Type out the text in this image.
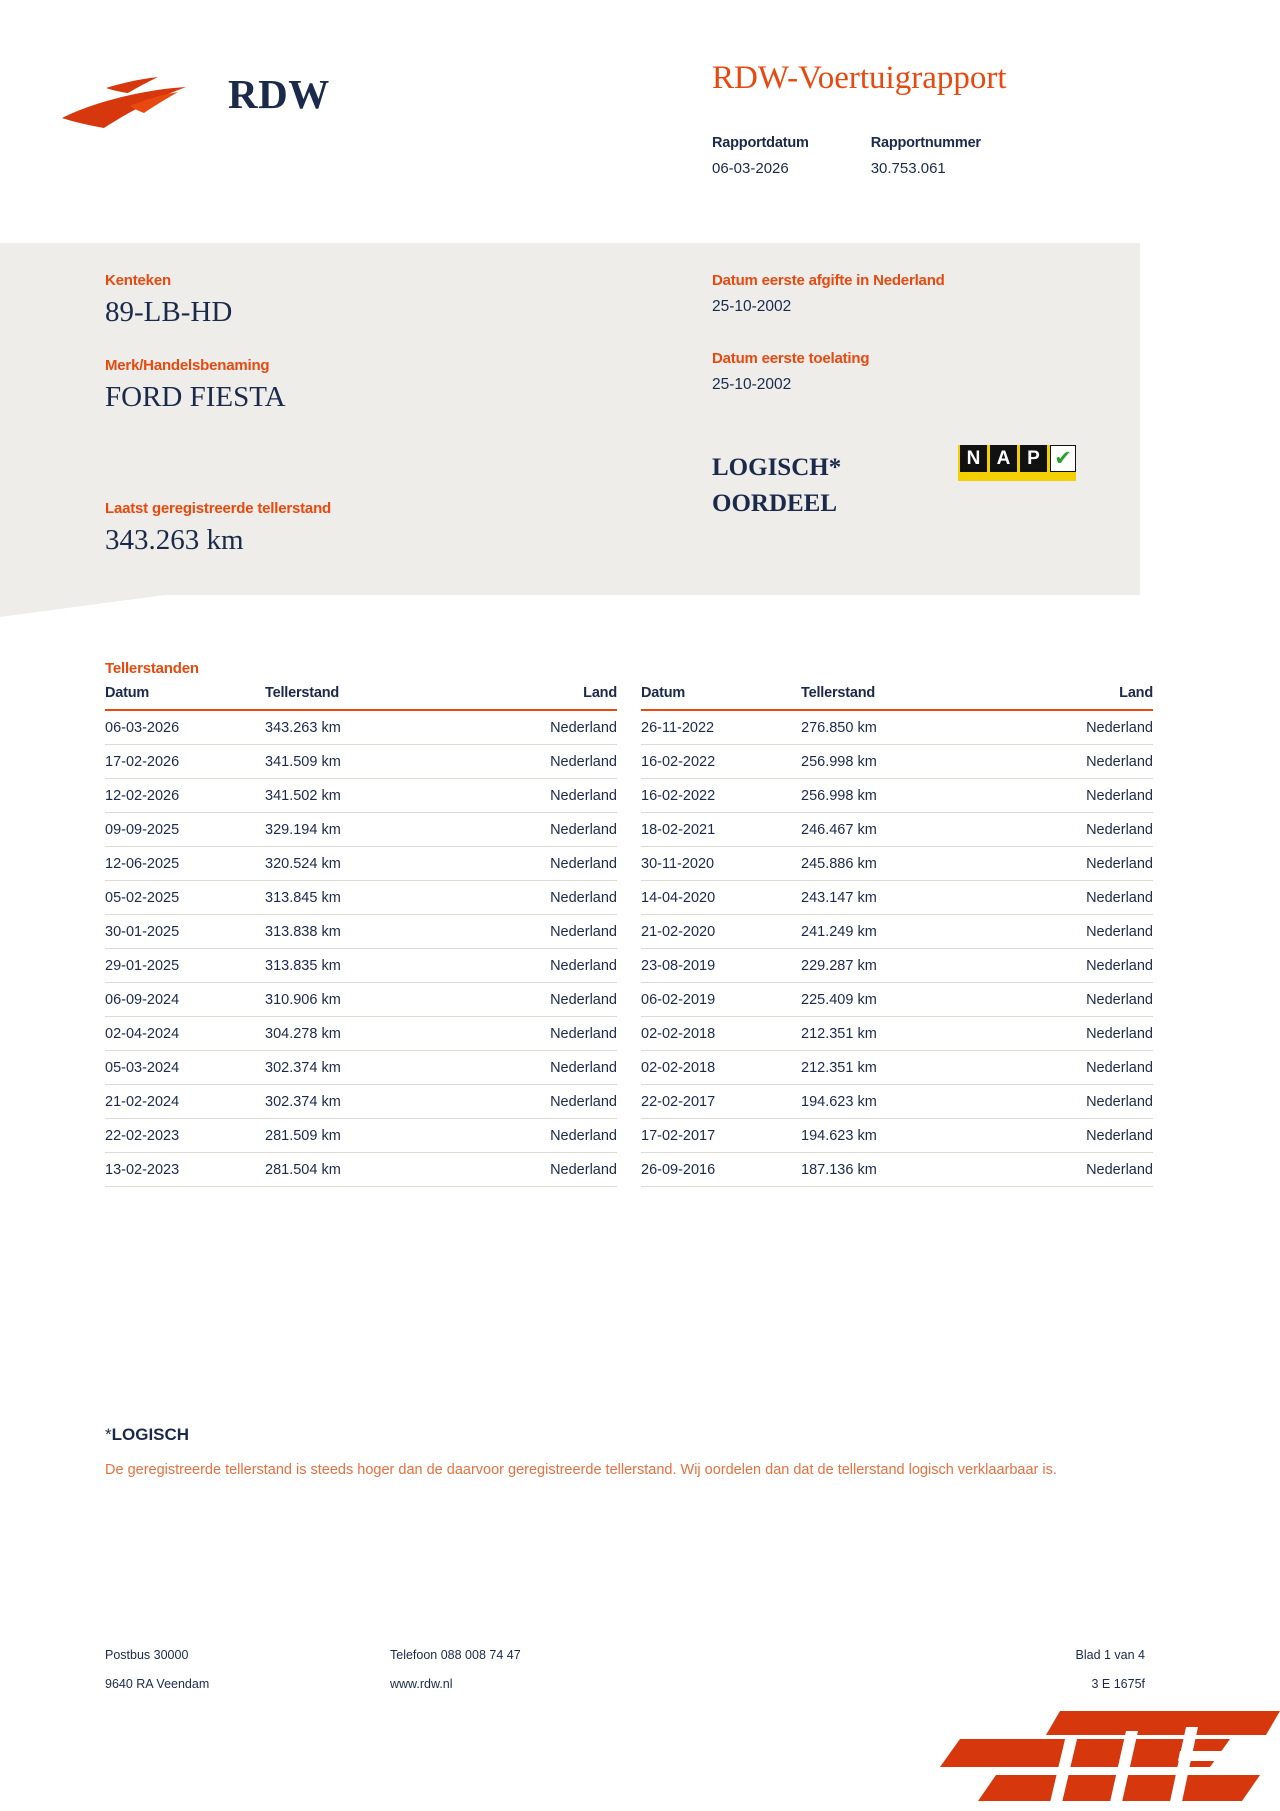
RDW	RDW-Voertuigrapport
Rapportdatum
06-03-2026
Rapportnummer
30.753.061
Kenteken
89-LB-HD
Merk/Handelsbenaming
FORD FIESTA
Laatst geregistreerde tellerstand
343.263 km
Datum eerste afgifte in Nederland
25-10-2002
Datum eerste toelating
25-10-2002
LOGISCH*
OORDEEL
N A P ✔
Tellerstanden
Datum	Tellerstand	Land
06-03-2026	343.263 km	Nederland
17-02-2026	341.509 km	Nederland
12-02-2026	341.502 km	Nederland
09-09-2025	329.194 km	Nederland
12-06-2025	320.524 km	Nederland
05-02-2025	313.845 km	Nederland
30-01-2025	313.838 km	Nederland
29-01-2025	313.835 km	Nederland
06-09-2024	310.906 km	Nederland
02-04-2024	304.278 km	Nederland
05-03-2024	302.374 km	Nederland
21-02-2024	302.374 km	Nederland
22-02-2023	281.509 km	Nederland
13-02-2023	281.504 km	Nederland
Datum	Tellerstand	Land
26-11-2022	276.850 km	Nederland
16-02-2022	256.998 km	Nederland
16-02-2022	256.998 km	Nederland
18-02-2021	246.467 km	Nederland
30-11-2020	245.886 km	Nederland
14-04-2020	243.147 km	Nederland
21-02-2020	241.249 km	Nederland
23-08-2019	229.287 km	Nederland
06-02-2019	225.409 km	Nederland
02-02-2018	212.351 km	Nederland
02-02-2018	212.351 km	Nederland
22-02-2017	194.623 km	Nederland
17-02-2017	194.623 km	Nederland
26-09-2016	187.136 km	Nederland
*LOGISCH
De geregistreerde tellerstand is steeds hoger dan de daarvoor geregistreerde tellerstand. Wij oordelen dan dat de tellerstand logisch verklaarbaar is.
Postbus 30000	Telefoon 088 008 74 47	Blad 1 van 4
9640 RA Veendam	www.rdw.nl	3 E 1675f
